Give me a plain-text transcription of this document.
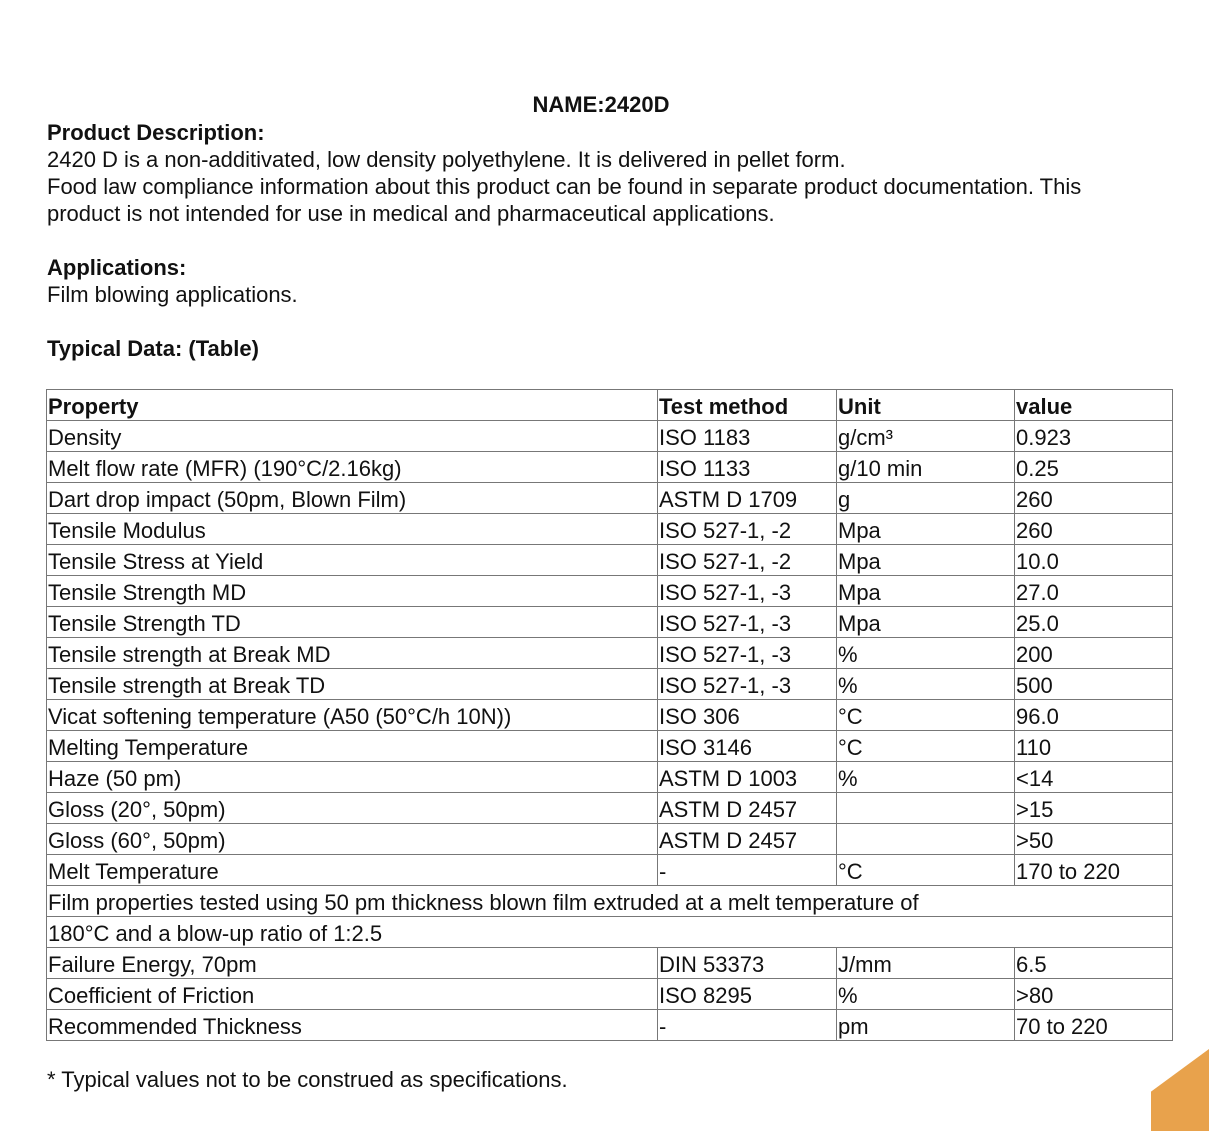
NAME:2420D
Product Description:
2420 D is a non-additivated, low density polyethylene. It is delivered in pellet form.
Food law compliance information about this product can be found in separate product documentation. This
product is not intended for use in medical and pharmaceutical applications.
Applications:
Film blowing applications.
Typical Data: (Table)
Property	Test method	Unit	value
Density	ISO 1183	g/cm³	0.923
Melt flow rate (MFR) (190°C/2.16kg)	ISO 1133	g/10 min	0.25
Dart drop impact (50pm, Blown Film)	ASTM D 1709	g	260
Tensile Modulus	ISO 527-1, -2	Mpa	260
Tensile Stress at Yield	ISO 527-1, -2	Mpa	10.0
Tensile Strength MD	ISO 527-1, -3	Mpa	27.0
Tensile Strength TD	ISO 527-1, -3	Mpa	25.0
Tensile strength at Break MD	ISO 527-1, -3	%	200
Tensile strength at Break TD	ISO 527-1, -3	%	500
Vicat softening temperature (A50 (50°C/h 10N))	ISO 306	°C	96.0
Melting Temperature	ISO 3146	°C	110
Haze (50 pm)	ASTM D 1003	%	<14
Gloss (20°, 50pm)	ASTM D 2457		>15
Gloss (60°, 50pm)	ASTM D 2457		>50
Melt Temperature	-	°C	170 to 220
Film properties tested using 50 pm thickness blown film extruded at a melt temperature of			
180°C and a blow-up ratio of 1:2.5			
Failure Energy, 70pm	DIN 53373	J/mm	6.5
Coefficient of Friction	ISO 8295	%	>80
Recommended Thickness	-	pm	70 to 220
* Typical values not to be construed as specifications.
